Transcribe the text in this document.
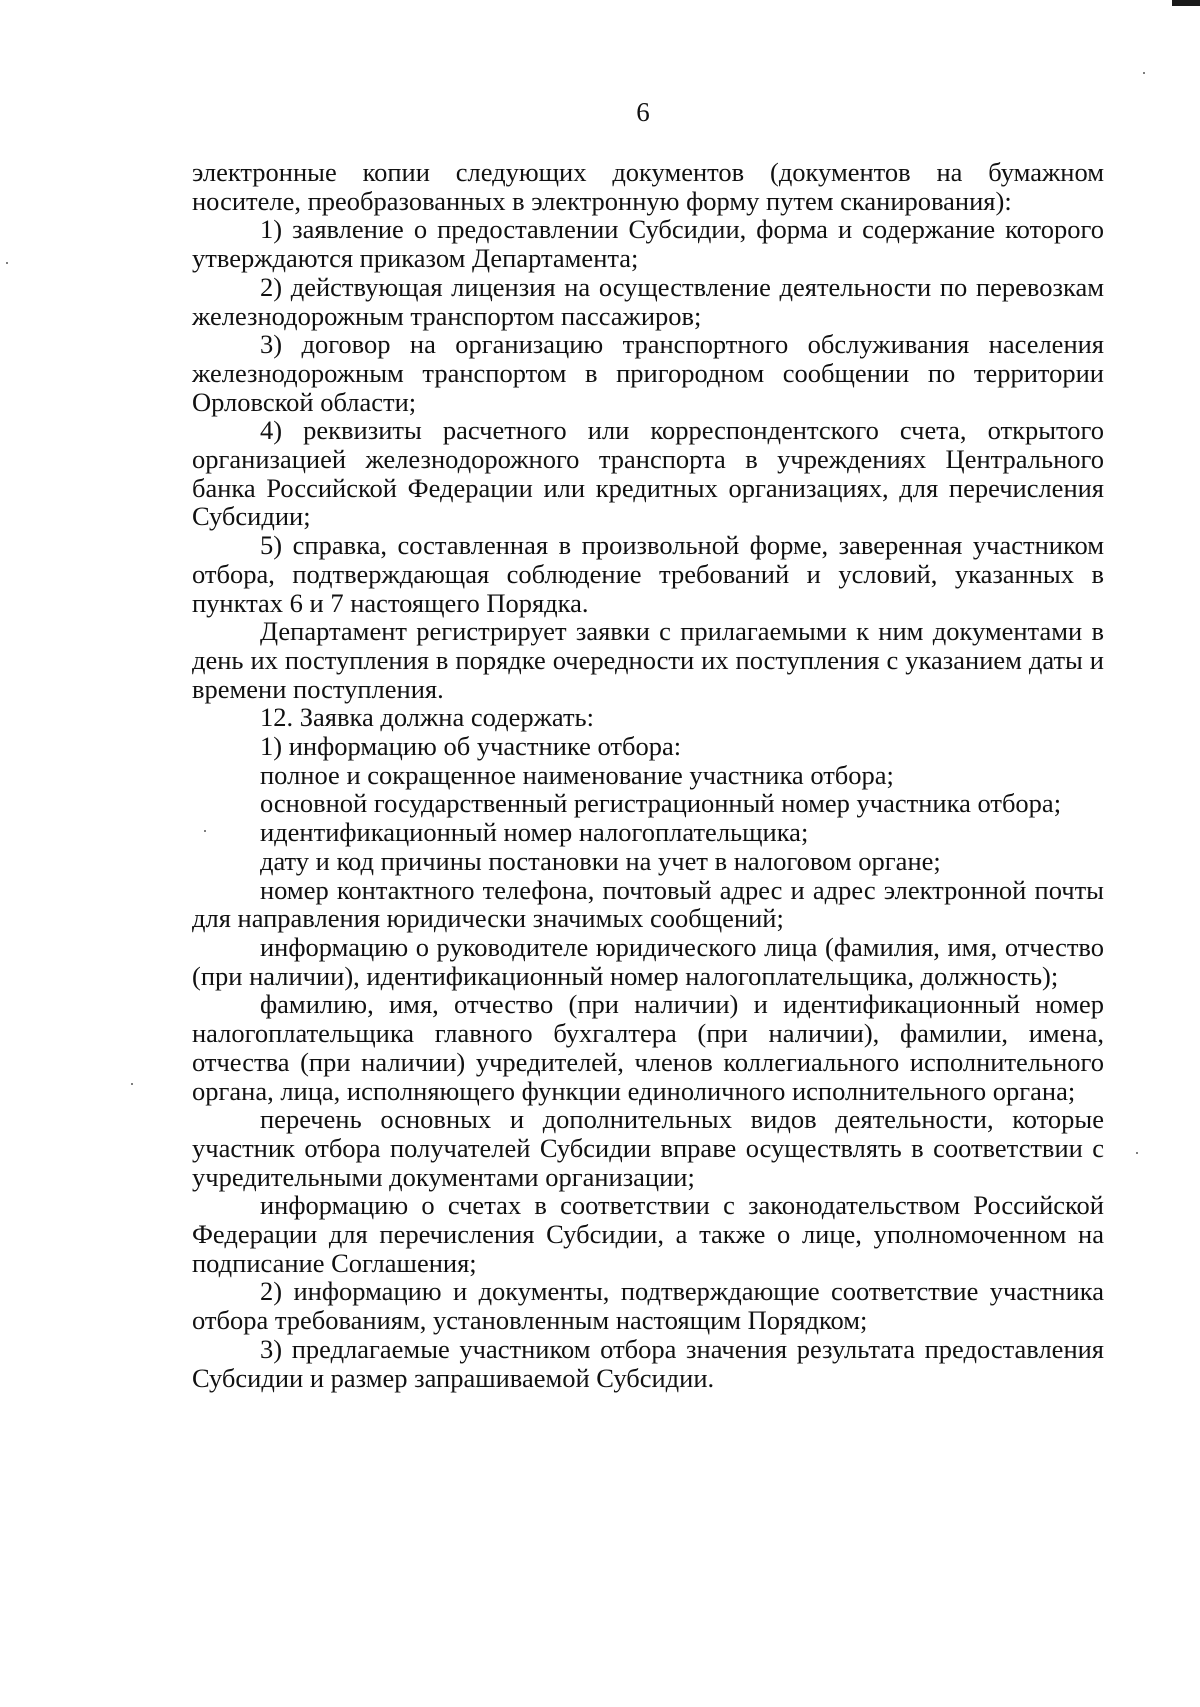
6

электронные копии следующих документов (документов на бумажном носителе, преобразованных в электронную форму путем сканирования):

1) заявление о предоставлении Субсидии, форма и содержание которого утверждаются приказом Департамента;

2) действующая лицензия на осуществление деятельности по перевозкам железнодорожным транспортом пассажиров;

3) договор на организацию транспортного обслуживания населения железнодорожным транспортом в пригородном сообщении по территории Орловской области;

4) реквизиты расчетного или корреспондентского счета, открытого организацией железнодорожного транспорта в учреждениях Центрального банка Российской Федерации или кредитных организациях, для перечисления Субсидии;

5) справка, составленная в произвольной форме, заверенная участником отбора, подтверждающая соблюдение требований и условий, указанных в пунктах 6 и 7 настоящего Порядка.

Департамент регистрирует заявки с прилагаемыми к ним документами в день их поступления в порядке очередности их поступления с указанием даты и времени поступления.

12. Заявка должна содержать:

1) информацию об участнике отбора:

полное и сокращенное наименование участника отбора;

основной государственный регистрационный номер участника отбора;

идентификационный номер налогоплательщика;

дату и код причины постановки на учет в налоговом органе;

номер контактного телефона, почтовый адрес и адрес электронной почты для направления юридически значимых сообщений;

информацию о руководителе юридического лица (фамилия, имя, отчество (при наличии), идентификационный номер налогоплательщика, должность);

фамилию, имя, отчество (при наличии) и идентификационный номер налогоплательщика главного бухгалтера (при наличии), фамилии, имена, отчества (при наличии) учредителей, членов коллегиального исполнительного органа, лица, исполняющего функции единоличного исполнительного органа;

перечень основных и дополнительных видов деятельности, которые участник отбора получателей Субсидии вправе осуществлять в соответствии с учредительными документами организации;

информацию о счетах в соответствии с законодательством Российской Федерации для перечисления Субсидии, а также о лице, уполномоченном на подписание Соглашения;

2) информацию и документы, подтверждающие соответствие участника отбора требованиям, установленным настоящим Порядком;

3) предлагаемые участником отбора значения результата предоставления Субсидии и размер запрашиваемой Субсидии.
